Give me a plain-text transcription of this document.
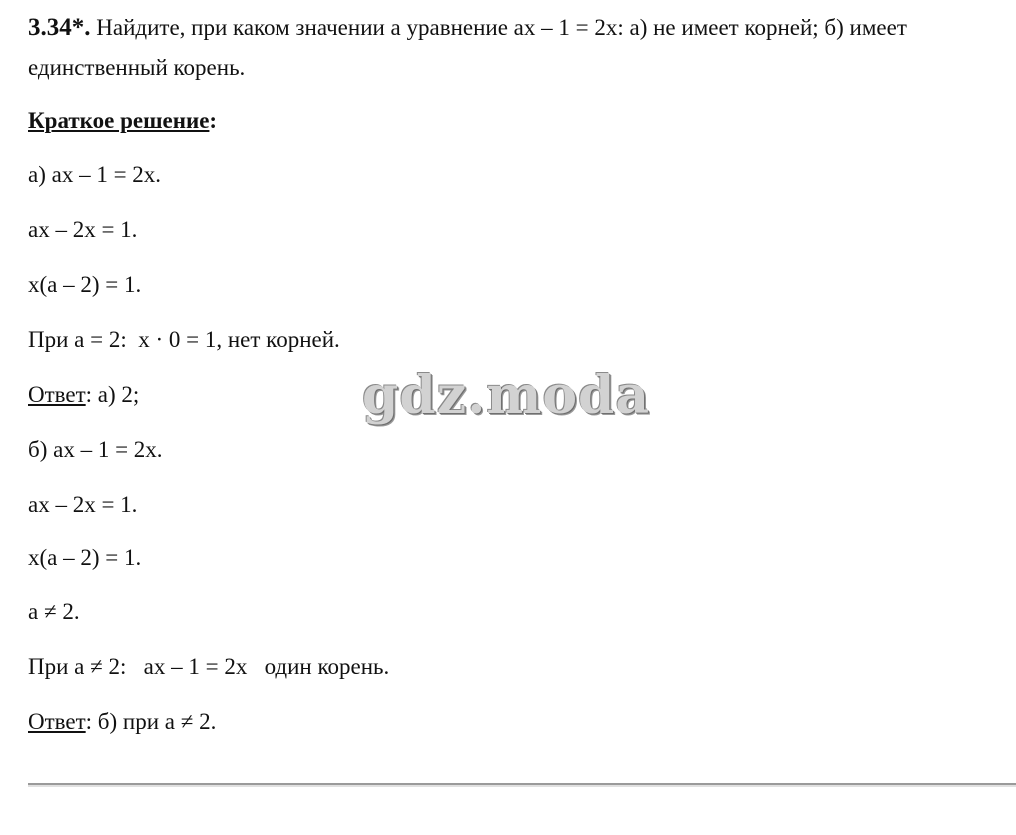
3.34*. Найдите, при каком значении a уравнение ax – 1 = 2x: а) не имеет корней; б) имеет единственный корень.
Краткое решение:
а) ax – 1 = 2x.
ax – 2x = 1.
x(a – 2) = 1.
При a = 2:  x · 0 = 1, нет корней.
Ответ: а) 2;
б) ax – 1 = 2x.
ax – 2x = 1.
x(a – 2) = 1.
a ≠ 2.
При a ≠ 2:   ax – 1 = 2x   один корень.
Ответ: б) при a ≠ 2.
gdz.moda
